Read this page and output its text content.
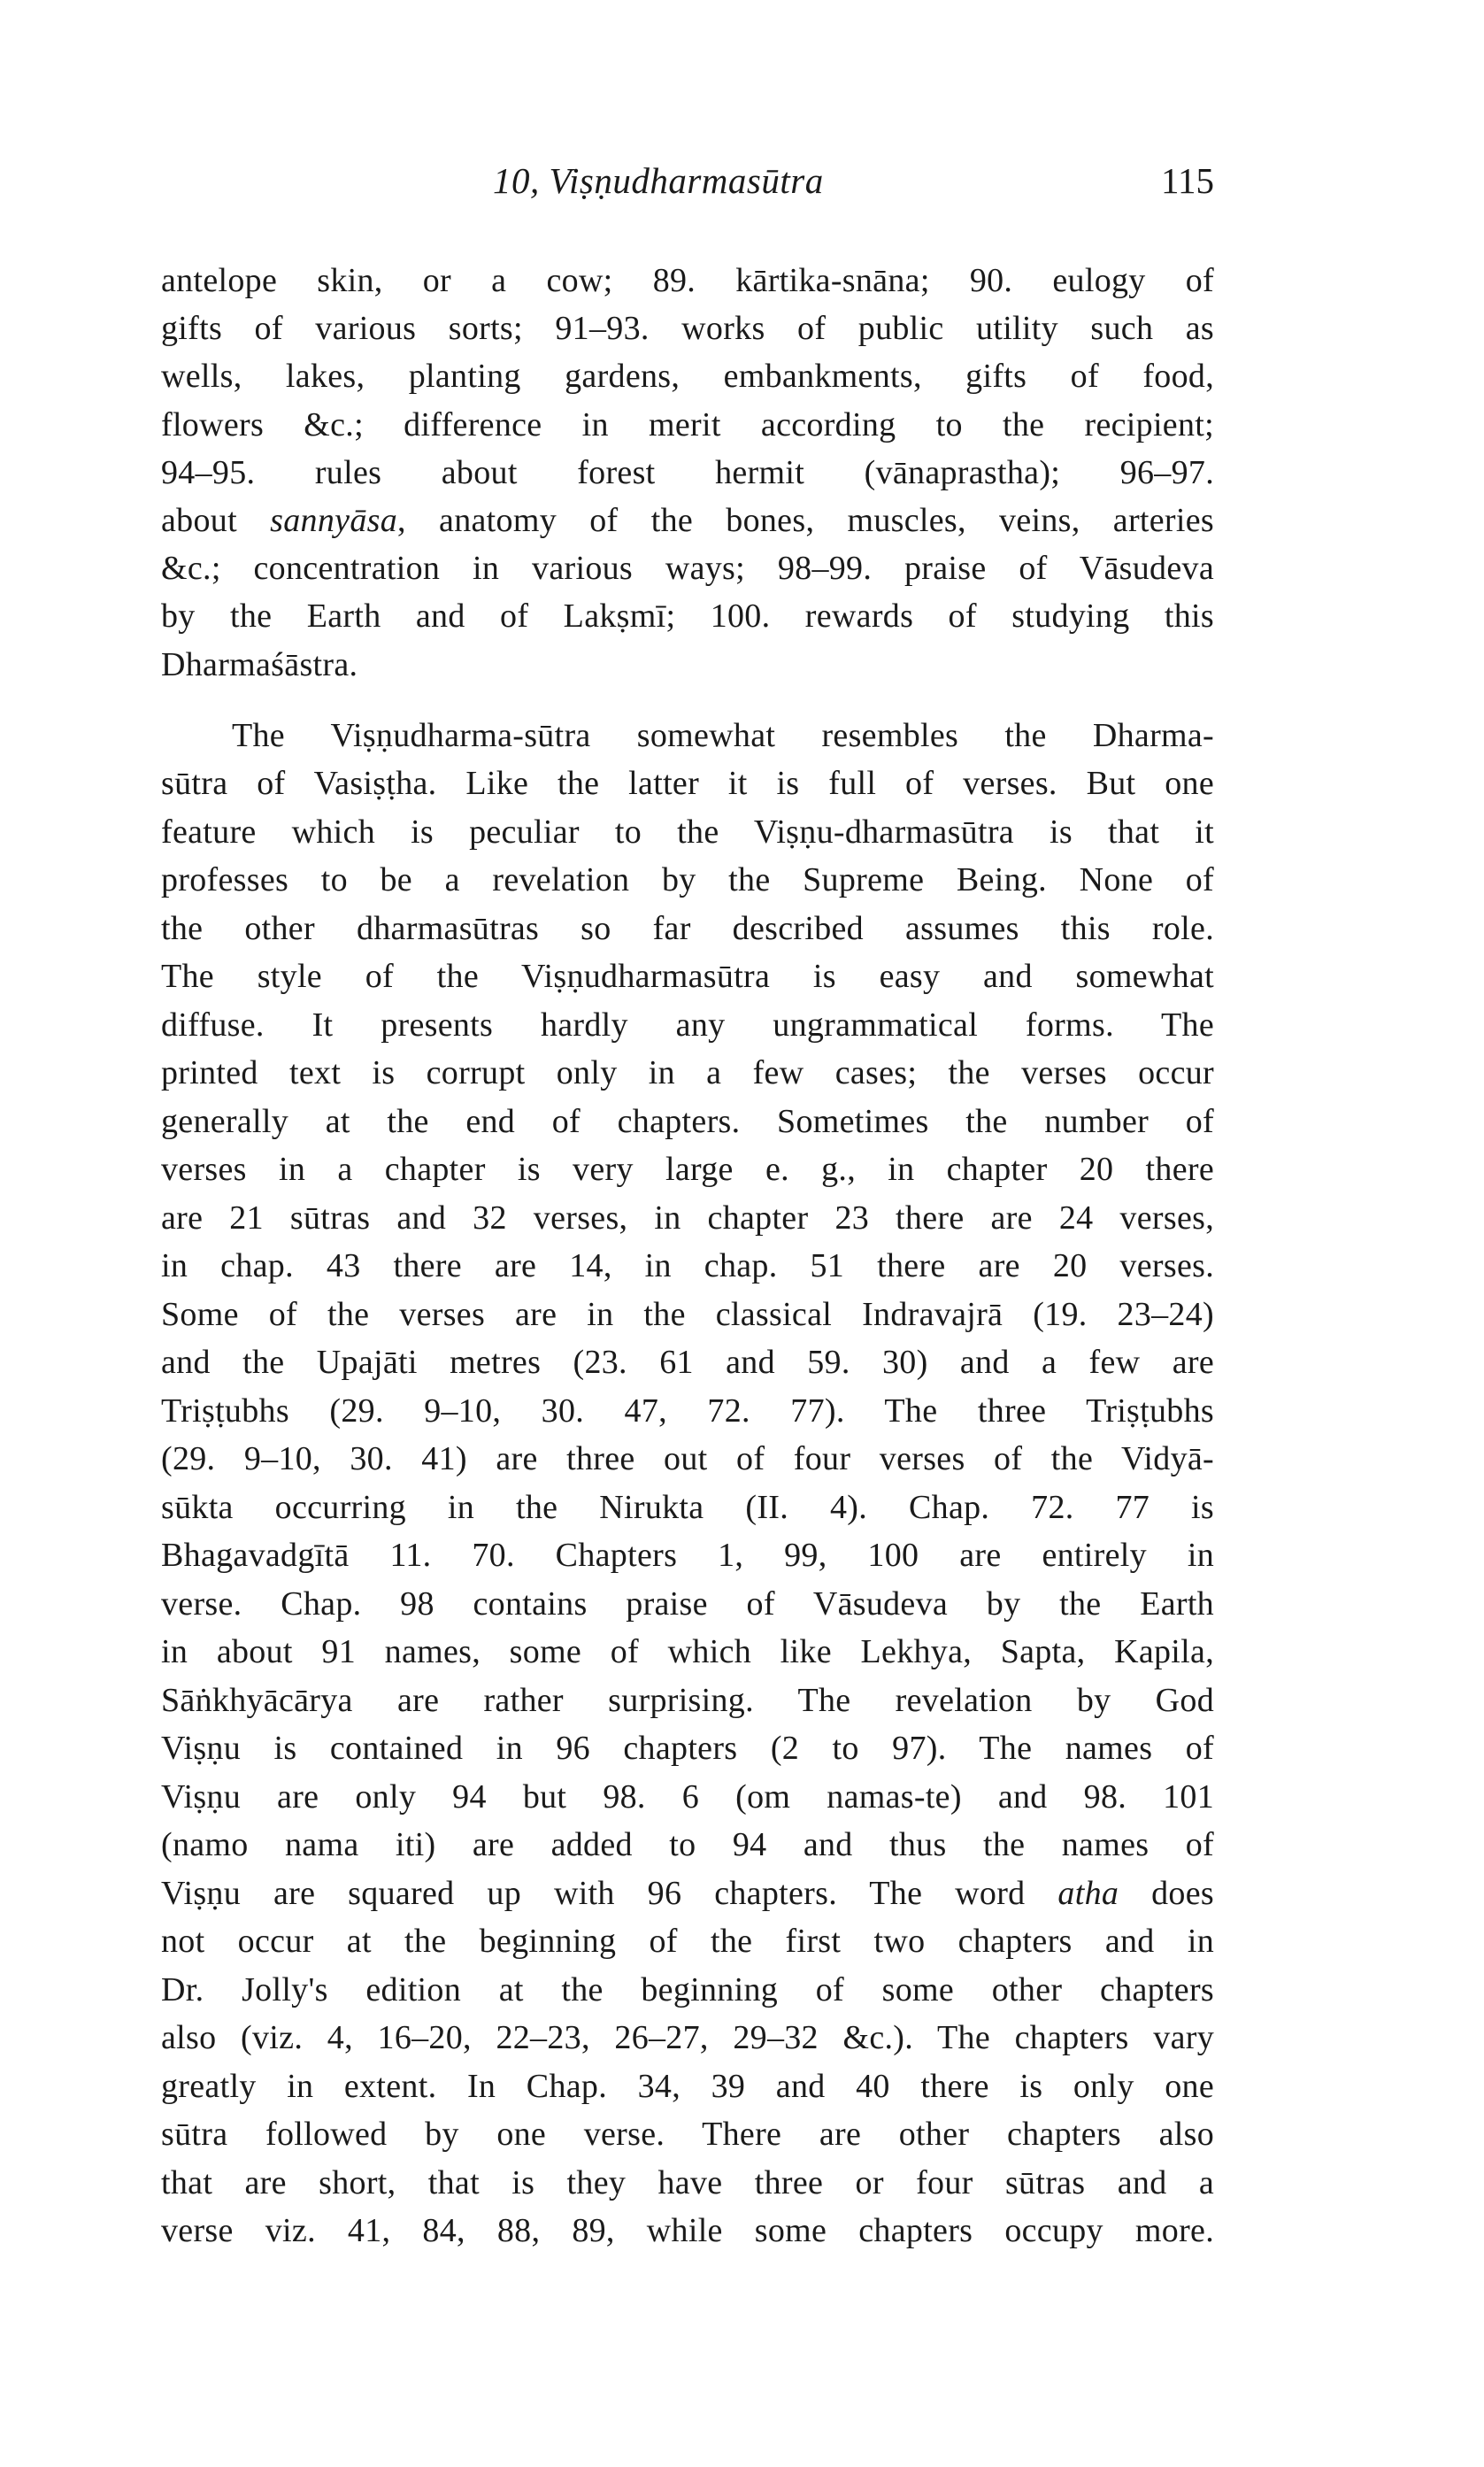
10, Viṣṇudharmasūtra	115
antelope skin, or a cow; 89. kārtika-snāna; 90. eulogy of
gifts of various sorts; 91–93. works of public utility such as
wells, lakes, planting gardens, embankments, gifts of food,
flowers &c.; difference in merit according to the recipient;
94–95. rules about forest hermit (vānaprastha); 96–97.
about sannyāsa, anatomy of the bones, muscles, veins, arteries
&c.; concentration in various ways; 98–99. praise of Vāsudeva
by the Earth and of Lakṣmī; 100. rewards of studying this
Dharmaśāstra.
The Viṣṇudharma-sūtra somewhat resembles the Dharma-
sūtra of Vasiṣṭha. Like the latter it is full of verses. But one
feature which is peculiar to the Viṣṇu-dharmasūtra is that it
professes to be a revelation by the Supreme Being. None of
the other dharmasūtras so far described assumes this role.
The style of the Viṣṇudharmasūtra is easy and somewhat
diffuse. It presents hardly any ungrammatical forms. The
printed text is corrupt only in a few cases; the verses occur
generally at the end of chapters. Sometimes the number of
verses in a chapter is very large e. g., in chapter 20 there
are 21 sūtras and 32 verses, in chapter 23 there are 24 verses,
in chap. 43 there are 14, in chap. 51 there are 20 verses.
Some of the verses are in the classical Indravajrā (19. 23–24)
and the Upajāti metres (23. 61 and 59. 30) and a few are
Triṣṭubhs (29. 9–10, 30. 47, 72. 77). The three Triṣṭubhs
(29. 9–10, 30. 41) are three out of four verses of the Vidyā-
sūkta occurring in the Nirukta (II. 4). Chap. 72. 77 is
Bhagavadgītā 11. 70. Chapters 1, 99, 100 are entirely in
verse. Chap. 98 contains praise of Vāsudeva by the Earth
in about 91 names, some of which like Lekhya, Sapta, Kapila,
Sāṅkhyācārya are rather surprising. The revelation by God
Viṣṇu is contained in 96 chapters (2 to 97). The names of
Viṣṇu are only 94 but 98. 6 (om namas-te) and 98. 101
(namo nama iti) are added to 94 and thus the names of
Viṣṇu are squared up with 96 chapters. The word atha does
not occur at the beginning of the first two chapters and in
Dr. Jolly's edition at the beginning of some other chapters
also (viz. 4, 16–20, 22–23, 26–27, 29–32 &c.). The chapters vary
greatly in extent. In Chap. 34, 39 and 40 there is only one
sūtra followed by one verse. There are other chapters also
that are short, that is they have three or four sūtras and a
verse viz. 41, 84, 88, 89, while some chapters occupy more.
